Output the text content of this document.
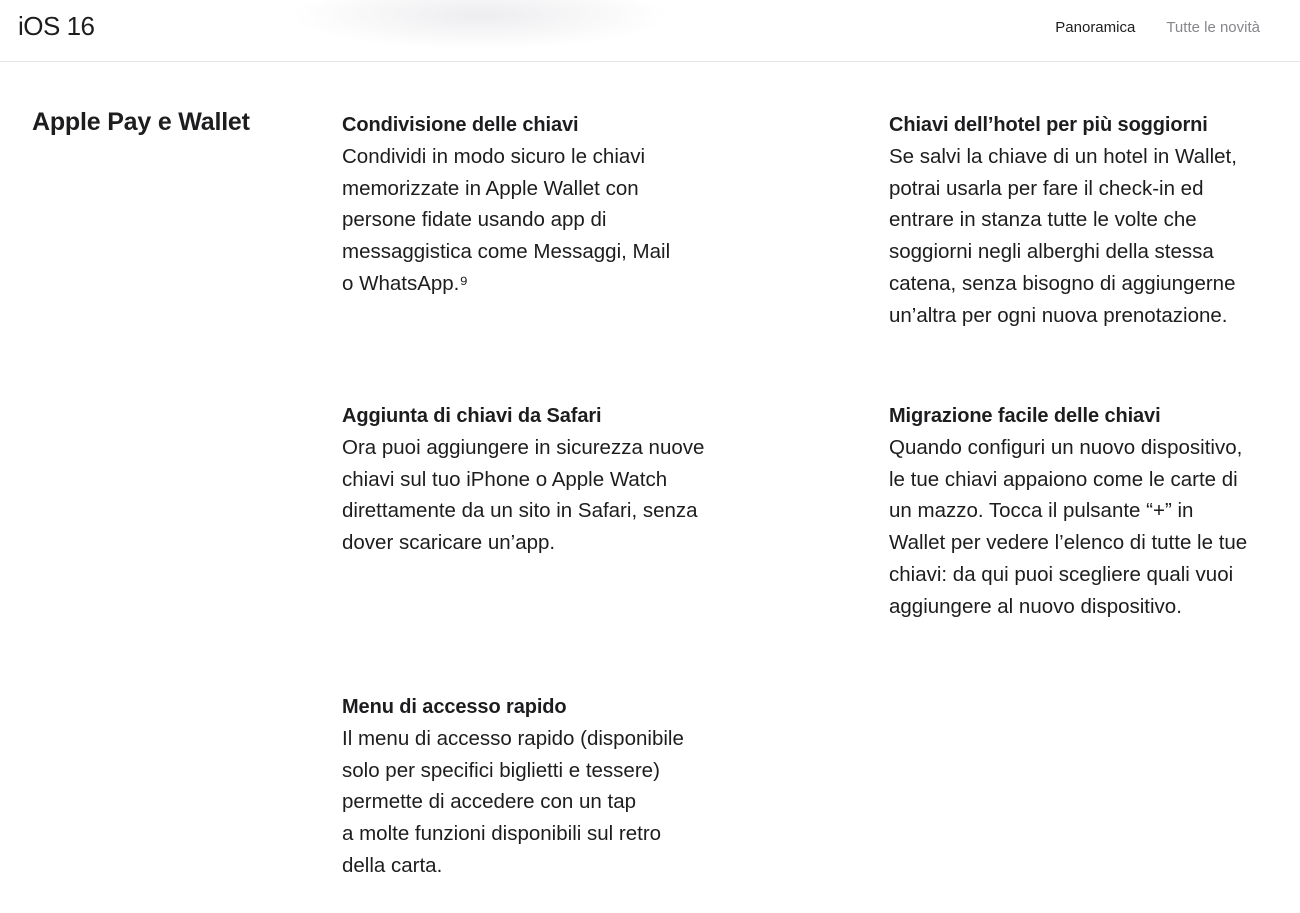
iOS 16	Panoramica Tutte le novità
Apple Pay e Wallet	Condivisione delle chiavi

Condividi in modo sicuro le chiavi
memorizzate in Apple Wallet con
persone fidate usando app di
messaggistica come Messaggi, Mail
o WhatsApp.⁹

Chiavi dell’hotel per più soggiorni

Se salvi la chiave di un hotel in Wallet,
potrai usarla per fare il check-in ed
entrare in stanza tutte le volte che
soggiorni negli alberghi della stessa
catena, senza bisogno di aggiungerne
un’altra per ogni nuova prenotazione.

Aggiunta di chiavi da Safari

Ora puoi aggiungere in sicurezza nuove
chiavi sul tuo iPhone o Apple Watch
direttamente da un sito in Safari, senza
dover scaricare un’app.

Migrazione facile delle chiavi

Quando configuri un nuovo dispositivo,
le tue chiavi appaiono come le carte di
un mazzo. Tocca il pulsante “+” in
Wallet per vedere l’elenco di tutte le tue
chiavi: da qui puoi scegliere quali vuoi
aggiungere al nuovo dispositivo.

Menu di accesso rapido

Il menu di accesso rapido (disponibile
solo per specifici biglietti e tessere)
permette di accedere con un tap
a molte funzioni disponibili sul retro
della carta.
